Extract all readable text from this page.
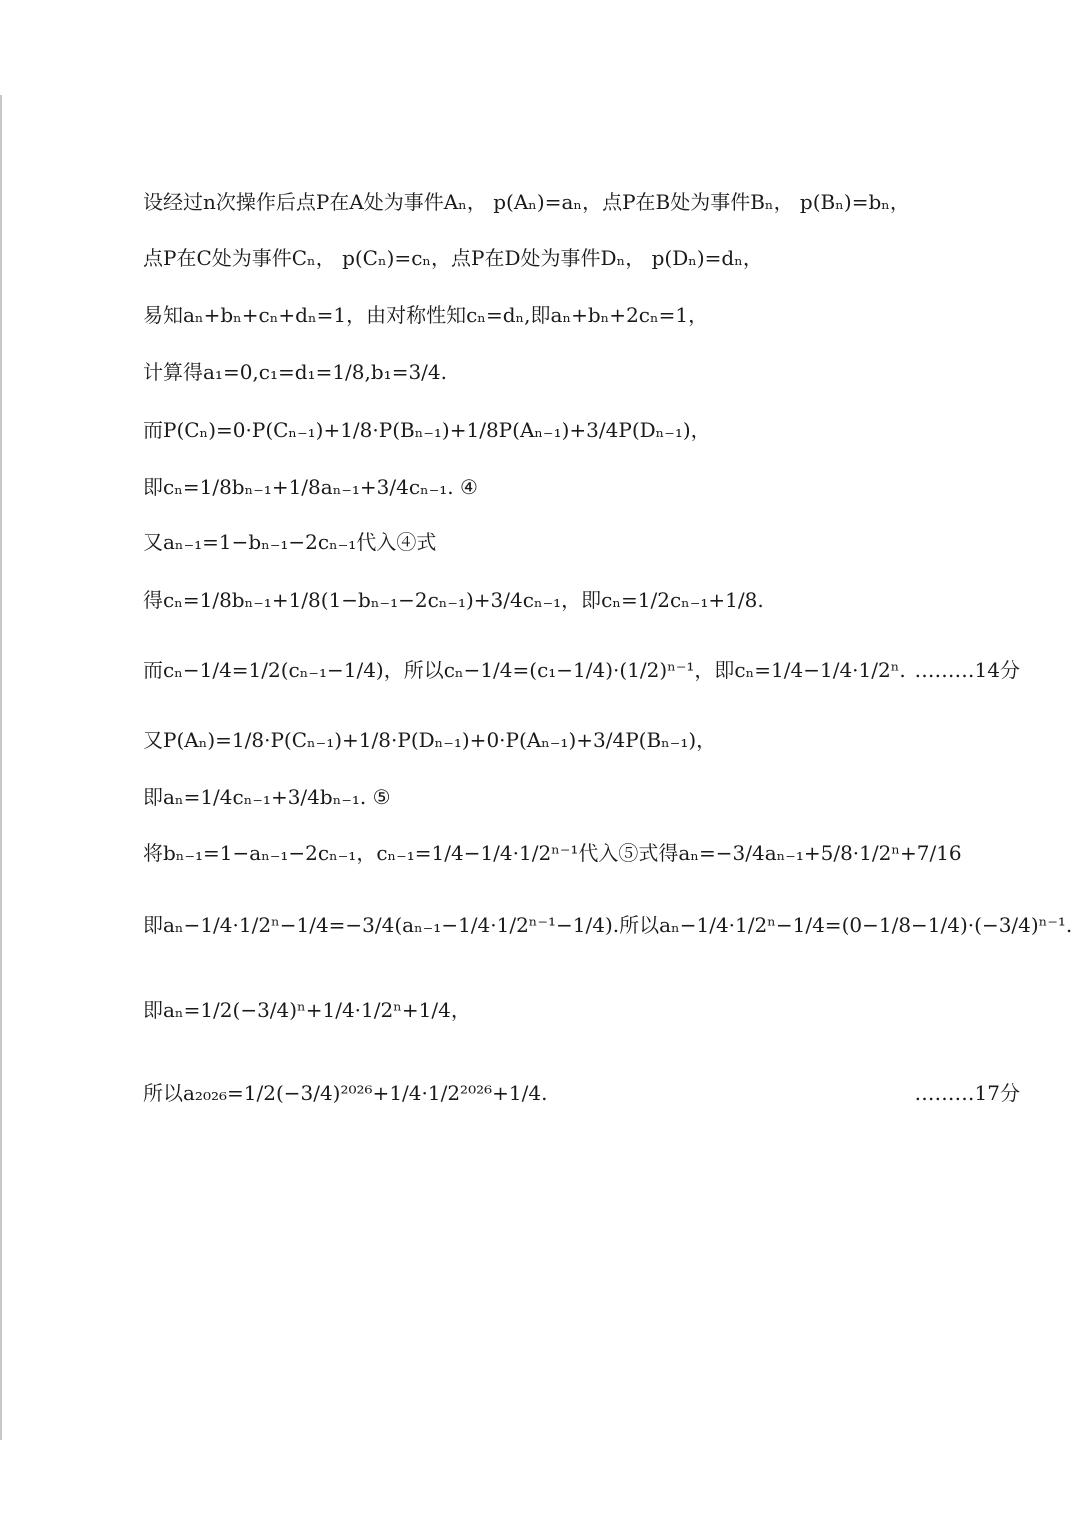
设经过n次操作后点P在A处为事件Aₙ， p(Aₙ)=aₙ，点P在B处为事件Bₙ， p(Bₙ)=bₙ，
点P在C处为事件Cₙ， p(Cₙ)=cₙ，点P在D处为事件Dₙ， p(Dₙ)=dₙ，
易知aₙ+bₙ+cₙ+dₙ=1，由对称性知cₙ=dₙ,即aₙ+bₙ+2cₙ=1，
计算得a₁=0,c₁=d₁=1/8,b₁=3/4.
而P(Cₙ)=0·P(Cₙ₋₁)+1/8·P(Bₙ₋₁)+1/8P(Aₙ₋₁)+3/4P(Dₙ₋₁)，
即cₙ=1/8bₙ₋₁+1/8aₙ₋₁+3/4cₙ₋₁. ④
又aₙ₋₁=1−bₙ₋₁−2cₙ₋₁代入④式
得cₙ=1/8bₙ₋₁+1/8(1−bₙ₋₁−2cₙ₋₁)+3/4cₙ₋₁，即cₙ=1/2cₙ₋₁+1/8.
而cₙ−1/4=1/2(cₙ₋₁−1/4)，所以cₙ−1/4=(c₁−1/4)·(1/2)ⁿ⁻¹，即cₙ=1/4−1/4·1/2ⁿ. ………14分
又P(Aₙ)=1/8·P(Cₙ₋₁)+1/8·P(Dₙ₋₁)+0·P(Aₙ₋₁)+3/4P(Bₙ₋₁)，
即aₙ=1/4cₙ₋₁+3/4bₙ₋₁. ⑤
将bₙ₋₁=1−aₙ₋₁−2cₙ₋₁，cₙ₋₁=1/4−1/4·1/2ⁿ⁻¹代入⑤式得aₙ=−3/4aₙ₋₁+5/8·1/2ⁿ+7/16
即aₙ−1/4·1/2ⁿ−1/4=−3/4(aₙ₋₁−1/4·1/2ⁿ⁻¹−1/4).所以aₙ−1/4·1/2ⁿ−1/4=(0−1/8−1/4)·(−3/4)ⁿ⁻¹.
即aₙ=1/2(−3/4)ⁿ+1/4·1/2ⁿ+1/4，
所以a₂₀₂₆=1/2(−3/4)²⁰²⁶+1/4·1/2²⁰²⁶+1/4.	………17分
